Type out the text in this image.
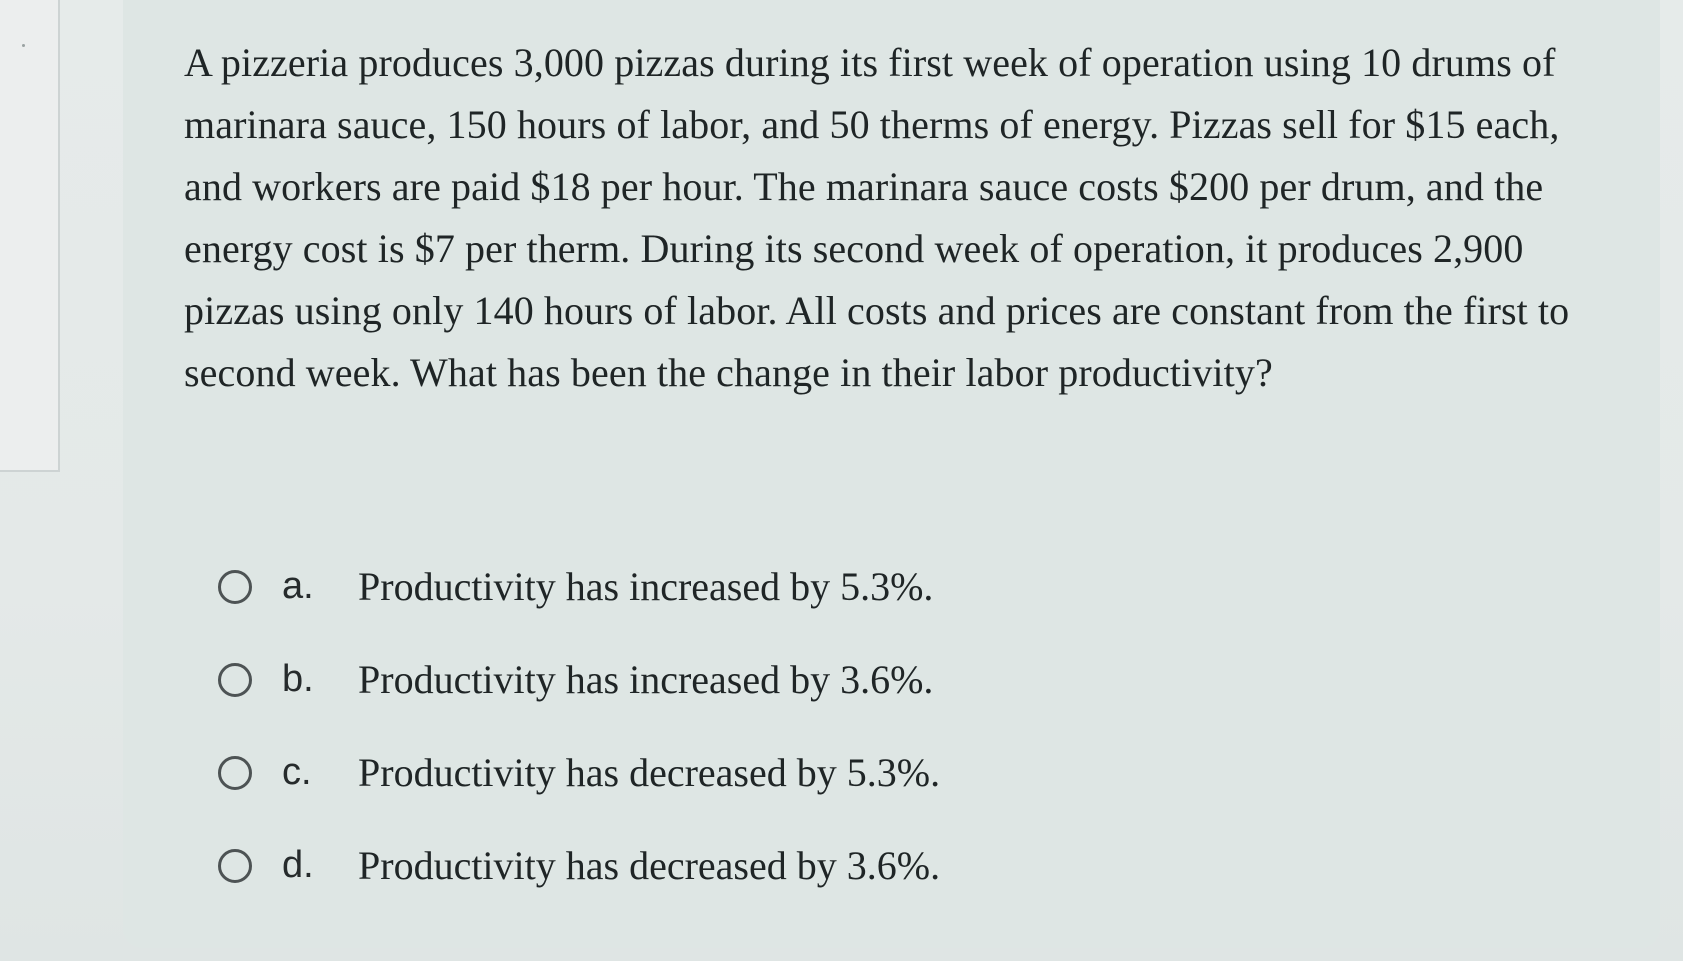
A pizzeria produces 3,000 pizzas during its first week of operation using 10 drums of marinara sauce, 150 hours of labor, and 50 therms of energy. Pizzas sell for $15 each, and workers are paid $18 per hour. The marinara sauce costs $200 per drum, and the energy cost is $7 per therm. During its second week of operation, it produces 2,900 pizzas using only 140 hours of labor. All costs and prices are constant from the first to second week. What has been the change in their labor productivity?

a.	Productivity has increased by 5.3%.
b.	Productivity has increased by 3.6%.
c.	Productivity has decreased by 5.3%.
d.	Productivity has decreased by 3.6%.
